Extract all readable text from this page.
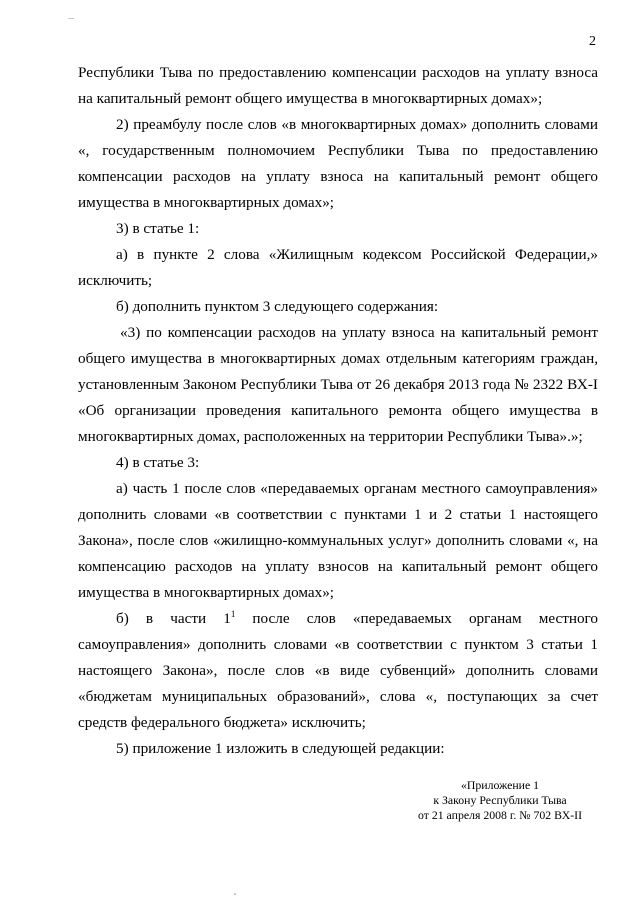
2

Республики Тыва по предоставлению компенсации расходов на уплату взноса на капитальный ремонт общего имущества в многоквартирных домах»;

2) преамбулу после слов «в многоквартирных домах» дополнить словами «, государственным полномочием Республики Тыва по предоставлению компенсации расходов на уплату взноса на капитальный ремонт общего имущества в многоквартирных домах»;

3) в статье 1:

а) в пункте 2 слова «Жилищным кодексом Российской Федерации,» исключить;

б) дополнить пунктом 3 следующего содержания:

«3) по компенсации расходов на уплату взноса на капитальный ремонт общего имущества в многоквартирных домах отдельным категориям граждан, установленным Законом Республики Тыва от 26 декабря 2013 года № 2322 ВХ-I «Об организации проведения капитального ремонта общего имущества в многоквартирных домах, расположенных на территории Республики Тыва».»;

4) в статье 3:

а) часть 1 после слов «передаваемых органам местного самоуправления» дополнить словами «в соответствии с пунктами 1 и 2 статьи 1 настоящего Закона», после слов «жилищно-коммунальных услуг» дополнить словами «, на компенсацию расходов на уплату взносов на капитальный ремонт общего имущества в многоквартирных домах»;

б) в части $1^1$ после слов «передаваемых органам местного самоуправления» дополнить словами «в соответствии с пунктом 3 статьи 1 настоящего Закона», после слов «в виде субвенций» дополнить словами «бюджетам муниципальных образований», слова «, поступающих за счет средств федерального бюджета» исключить;

5) приложение 1 изложить в следующей редакции:

«Приложение 1
к Закону Республики Тыва
от 21 апреля 2008 г. № 702 ВХ-II
